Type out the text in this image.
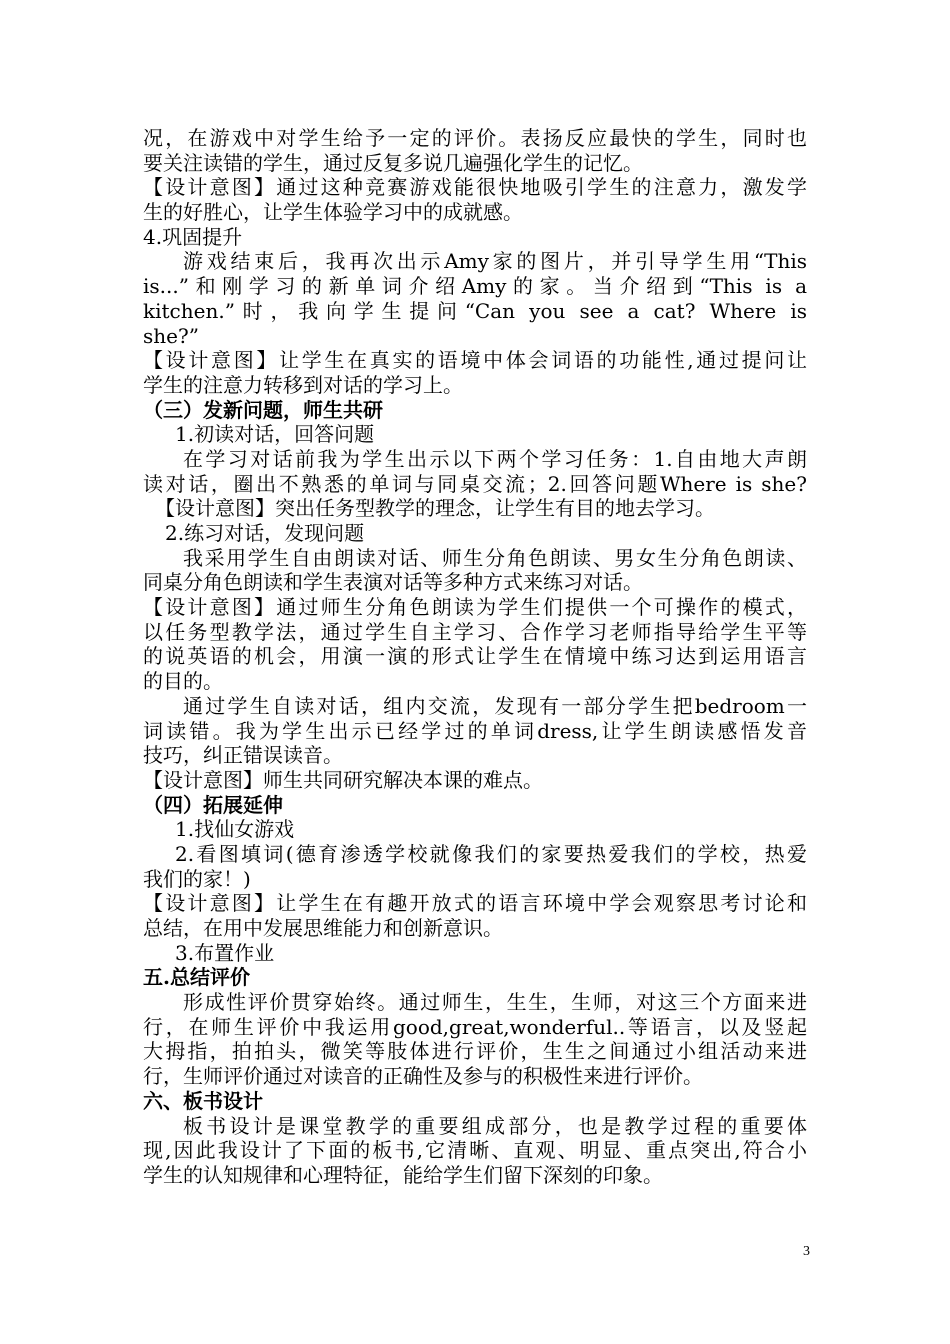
况，在游戏中对学生给予一定的评价。表扬反应最快的学生，同时也
要关注读错的学生，通过反复多说几遍强化学生的记忆。
【设计意图】通过这种竞赛游戏能很快地吸引学生的注意力，激发学
生的好胜心，让学生体验学习中的成就感。
4.巩固提升
游戏结束后，我再次出示Amy家的图片，并引导学生用“This
is...”和刚学习的新单词介绍Amy的家。当介绍到“This is a
kitchen.”时，我向学生提问“Can you see a cat? Where is
she?”
【设计意图】让学生在真实的语境中体会词语的功能性,通过提问让
学生的注意力转移到对话的学习上。
（三）发新问题，师生共研
1.初读对话，回答问题
在学习对话前我为学生出示以下两个学习任务：1.自由地大声朗
读对话，圈出不熟悉的单词与同桌交流；2.回答问题Where is she?
【设计意图】突出任务型教学的理念，让学生有目的地去学习。
2.练习对话，发现问题
我采用学生自由朗读对话、师生分角色朗读、男女生分角色朗读、
同桌分角色朗读和学生表演对话等多种方式来练习对话。
【设计意图】通过师生分角色朗读为学生们提供一个可操作的模式，
以任务型教学法，通过学生自主学习、合作学习老师指导给学生平等
的说英语的机会，用演一演的形式让学生在情境中练习达到运用语言
的目的。
通过学生自读对话，组内交流，发现有一部分学生把bedroom一
词读错。我为学生出示已经学过的单词dress,让学生朗读感悟发音
技巧，纠正错误读音。
【设计意图】师生共同研究解决本课的难点。
（四）拓展延伸
1.找仙女游戏
2.看图填词(德育渗透学校就像我们的家要热爱我们的学校，热爱
我们的家！)
【设计意图】让学生在有趣开放式的语言环境中学会观察思考讨论和
总结，在用中发展思维能力和创新意识。
3.布置作业
五.总结评价
形成性评价贯穿始终。通过师生，生生，生师，对这三个方面来进
行，在师生评价中我运用good,great,wonderful..等语言，以及竖起
大拇指，拍拍头，微笑等肢体进行评价，生生之间通过小组活动来进
行，生师评价通过对读音的正确性及参与的积极性来进行评价。
六、板书设计
板书设计是课堂教学的重要组成部分，也是教学过程的重要体
现,因此我设计了下面的板书,它清晰、直观、明显、重点突出,符合小
学生的认知规律和心理特征，能给学生们留下深刻的印象。
3
